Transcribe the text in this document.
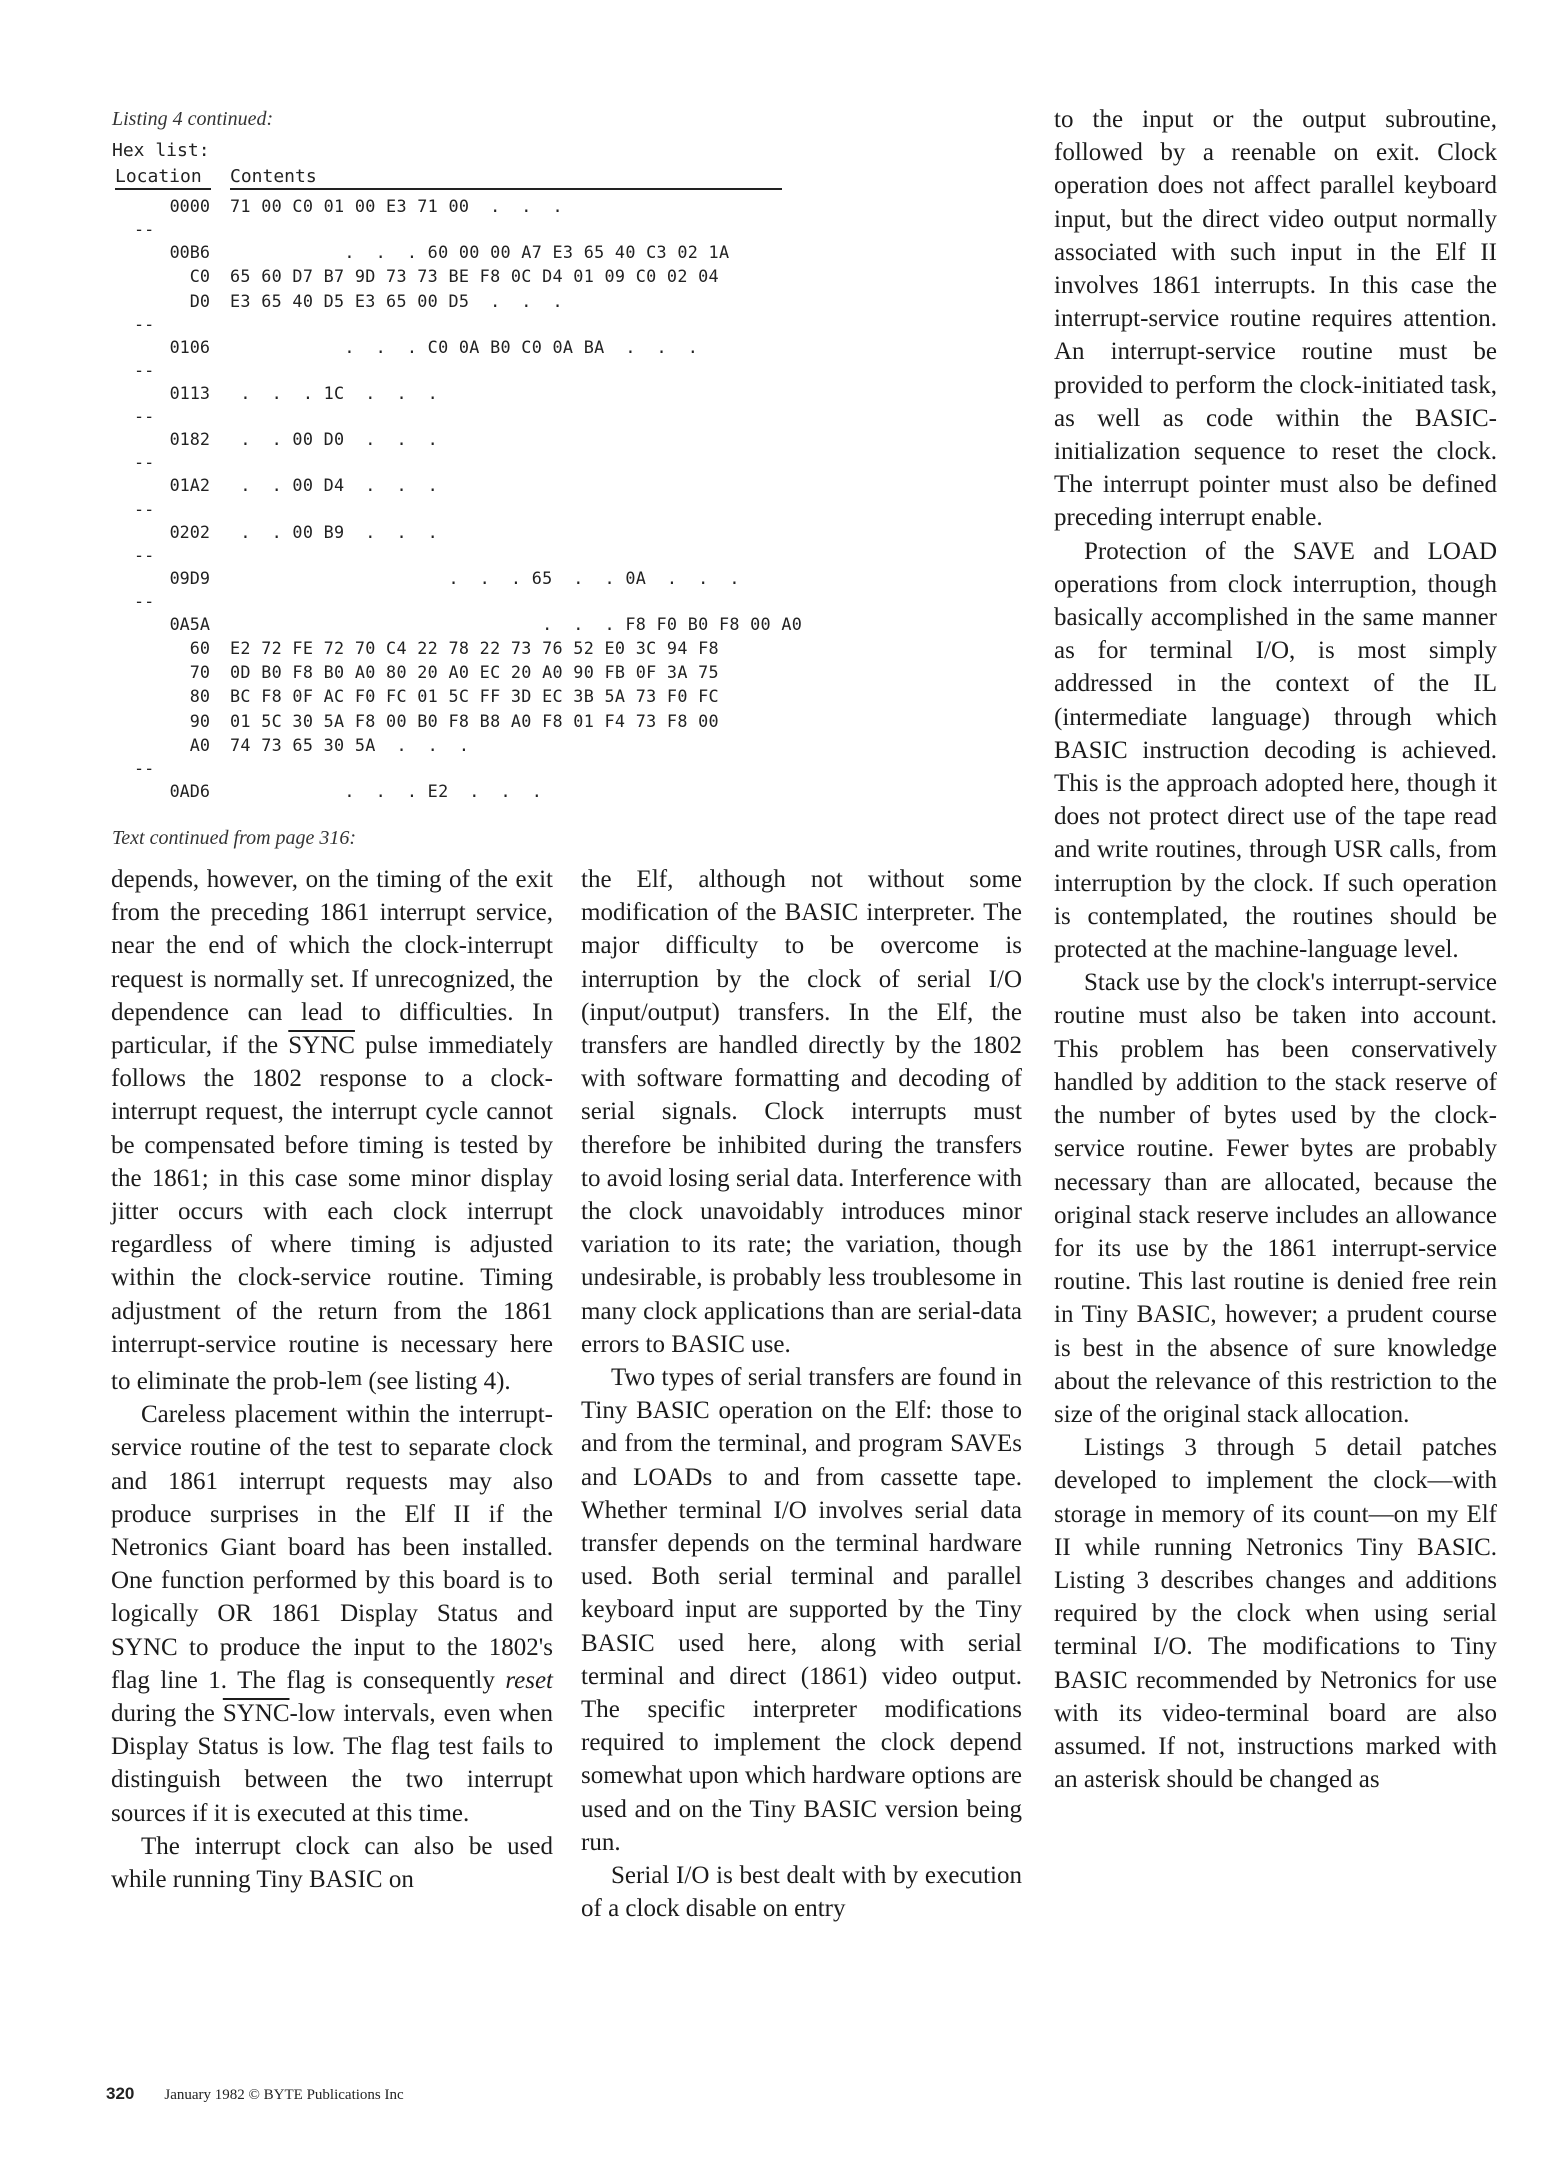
Listing 4 continued:
Hex list:
Location	Contents
0000 71 00 C0 01 00 E3 71 00  .  .  .
--
00B6 .  .  . 60 00 00 A7 E3 65 40 C3 02 1A
C0 65 60 D7 B7 9D 73 73 BE F8 0C D4 01 09 C0 02 04
D0 E3 65 40 D5 E3 65 00 D5  .  .  .
--
0106 .  .  . C0 0A B0 C0 0A BA  .  .  .
--
0113 .  .  . 1C  .  .  .
--
0182 .  . 00 D0  .  .  .
--
01A2 .  . 00 D4  .  .  .
--
0202 .  . 00 B9  .  .  .
--
09D9 .  .  . 65  .  . 0A  .  .  .
--
0A5A .  .  . F8 F0 B0 F8 00 A0
60 E2 72 FE 72 70 C4 22 78 22 73 76 52 E0 3C 94 F8
70 0D B0 F8 B0 A0 80 20 A0 EC 20 A0 90 FB 0F 3A 75
80 BC F8 0F AC F0 FC 01 5C FF 3D EC 3B 5A 73 F0 FC
90 01 5C 30 5A F8 00 B0 F8 B8 A0 F8 01 F4 73 F8 00
A0 74 73 65 30 5A  .  .  .
--
0AD6 .  .  . E2  .  .  .
Text continued from page 316:

depends, however, on the timing of the exit from the preceding 1861 interrupt service, near the end of which the clock-interrupt request is normally set. If unrecognized, the dependence can lead to difficulties. In particular, if the SYNC pulse immediately follows the 1802 response to a clock-interrupt request, the interrupt cycle cannot be compensated before timing is tested by the 1861; in this case some minor display jitter occurs with each clock interrupt regardless of where timing is adjusted within the clock-service routine. Timing adjustment of the return from the 1861 interrupt-service routine is necessary here to eliminate the prob-lem (see listing 4).

Careless placement within the interrupt-service routine of the test to separate clock and 1861 interrupt requests may also produce surprises in the Elf II if the Netronics Giant board has been installed. One function performed by this board is to logically OR 1861 Display Status and SYNC to produce the input to the 1802's flag line 1. The flag is consequently reset during the SYNC-low intervals, even when Display Status is low. The flag test fails to distinguish between the two interrupt sources if it is executed at this time.

The interrupt clock can also be used while running Tiny BASIC on

the Elf, although not without some modification of the BASIC interpreter. The major difficulty to be overcome is interruption by the clock of serial I/O (input/output) transfers. In the Elf, the transfers are handled directly by the 1802 with software formatting and decoding of serial signals. Clock interrupts must therefore be inhibited during the transfers to avoid losing serial data. Interference with the clock unavoidably introduces minor variation to its rate; the variation, though undesirable, is probably less troublesome in many clock applications than are serial-data errors to BASIC use.

Two types of serial transfers are found in Tiny BASIC operation on the Elf: those to and from the terminal, and program SAVEs and LOADs to and from cassette tape. Whether terminal I/O involves serial data transfer depends on the terminal hardware used. Both serial terminal and parallel keyboard input are supported by the Tiny BASIC used here, along with serial terminal and direct (1861) video output. The specific interpreter modifications required to implement the clock depend somewhat upon which hardware options are used and on the Tiny BASIC version being run.

Serial I/O is best dealt with by execution of a clock disable on entry

to the input or the output subroutine, followed by a reenable on exit. Clock operation does not affect parallel keyboard input, but the direct video output normally associated with such input in the Elf II involves 1861 interrupts. In this case the interrupt-service routine requires attention. An interrupt-service routine must be provided to perform the clock-initiated task, as well as code within the BASIC-initialization sequence to reset the clock. The interrupt pointer must also be defined preceding interrupt enable.

Protection of the SAVE and LOAD operations from clock interruption, though basically accomplished in the same manner as for terminal I/O, is most simply addressed in the context of the IL (intermediate language) through which BASIC instruction decoding is achieved. This is the approach adopted here, though it does not protect direct use of the tape read and write routines, through USR calls, from interruption by the clock. If such operation is contemplated, the routines should be protected at the machine-language level.

Stack use by the clock's interrupt-service routine must also be taken into account. This problem has been conservatively handled by addition to the stack reserve of the number of bytes used by the clock-service routine. Fewer bytes are probably necessary than are allocated, because the original stack reserve includes an allowance for its use by the 1861 interrupt-service routine. This last routine is denied free rein in Tiny BASIC, however; a prudent course is best in the absence of sure knowledge about the relevance of this restriction to the size of the original stack allocation.

Listings 3 through 5 detail patches developed to implement the clock—with storage in memory of its count—on my Elf II while running Netronics Tiny BASIC. Listing 3 describes changes and additions required by the clock when using serial terminal I/O. The modifications to Tiny BASIC recommended by Netronics for use with its video-terminal board are also assumed. If not, instructions marked with an asterisk should be changed as

320 January 1982 © BYTE Publications Inc
